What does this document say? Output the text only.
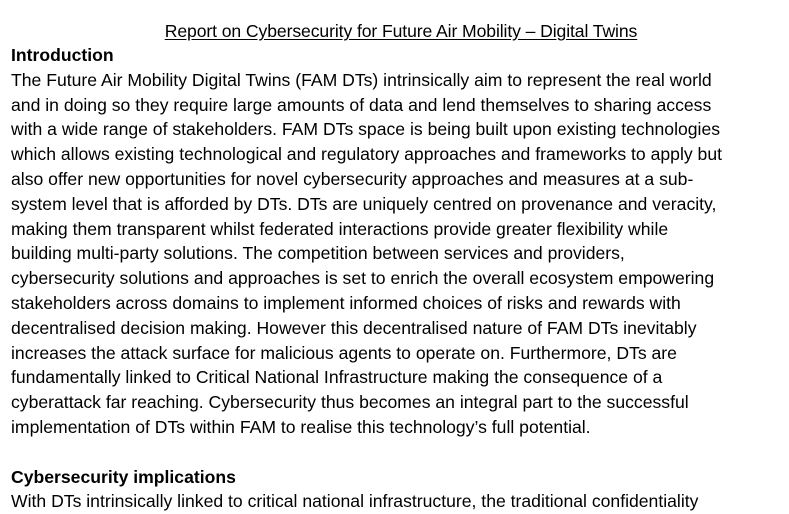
Report on Cybersecurity for Future Air Mobility – Digital Twins
Introduction

The Future Air Mobility Digital Twins (FAM DTs) intrinsically aim to represent the real world
and in doing so they require large amounts of data and lend themselves to sharing access
with a wide range of stakeholders. FAM DTs space is being built upon existing technologies
which allows existing technological and regulatory approaches and frameworks to apply but
also offer new opportunities for novel cybersecurity approaches and measures at a sub-
system level that is afforded by DTs. DTs are uniquely centred on provenance and veracity,
making them transparent whilst federated interactions provide greater flexibility while
building multi-party solutions. The competition between services and providers,
cybersecurity solutions and approaches is set to enrich the overall ecosystem empowering
stakeholders across domains to implement informed choices of risks and rewards with
decentralised decision making. However this decentralised nature of FAM DTs inevitably
increases the attack surface for malicious agents to operate on. Furthermore, DTs are
fundamentally linked to Critical National Infrastructure making the consequence of a
cyberattack far reaching. Cybersecurity thus becomes an integral part to the successful
implementation of DTs within FAM to realise this technology’s full potential.

Cybersecurity implications

With DTs intrinsically linked to critical national infrastructure, the traditional confidentiality
